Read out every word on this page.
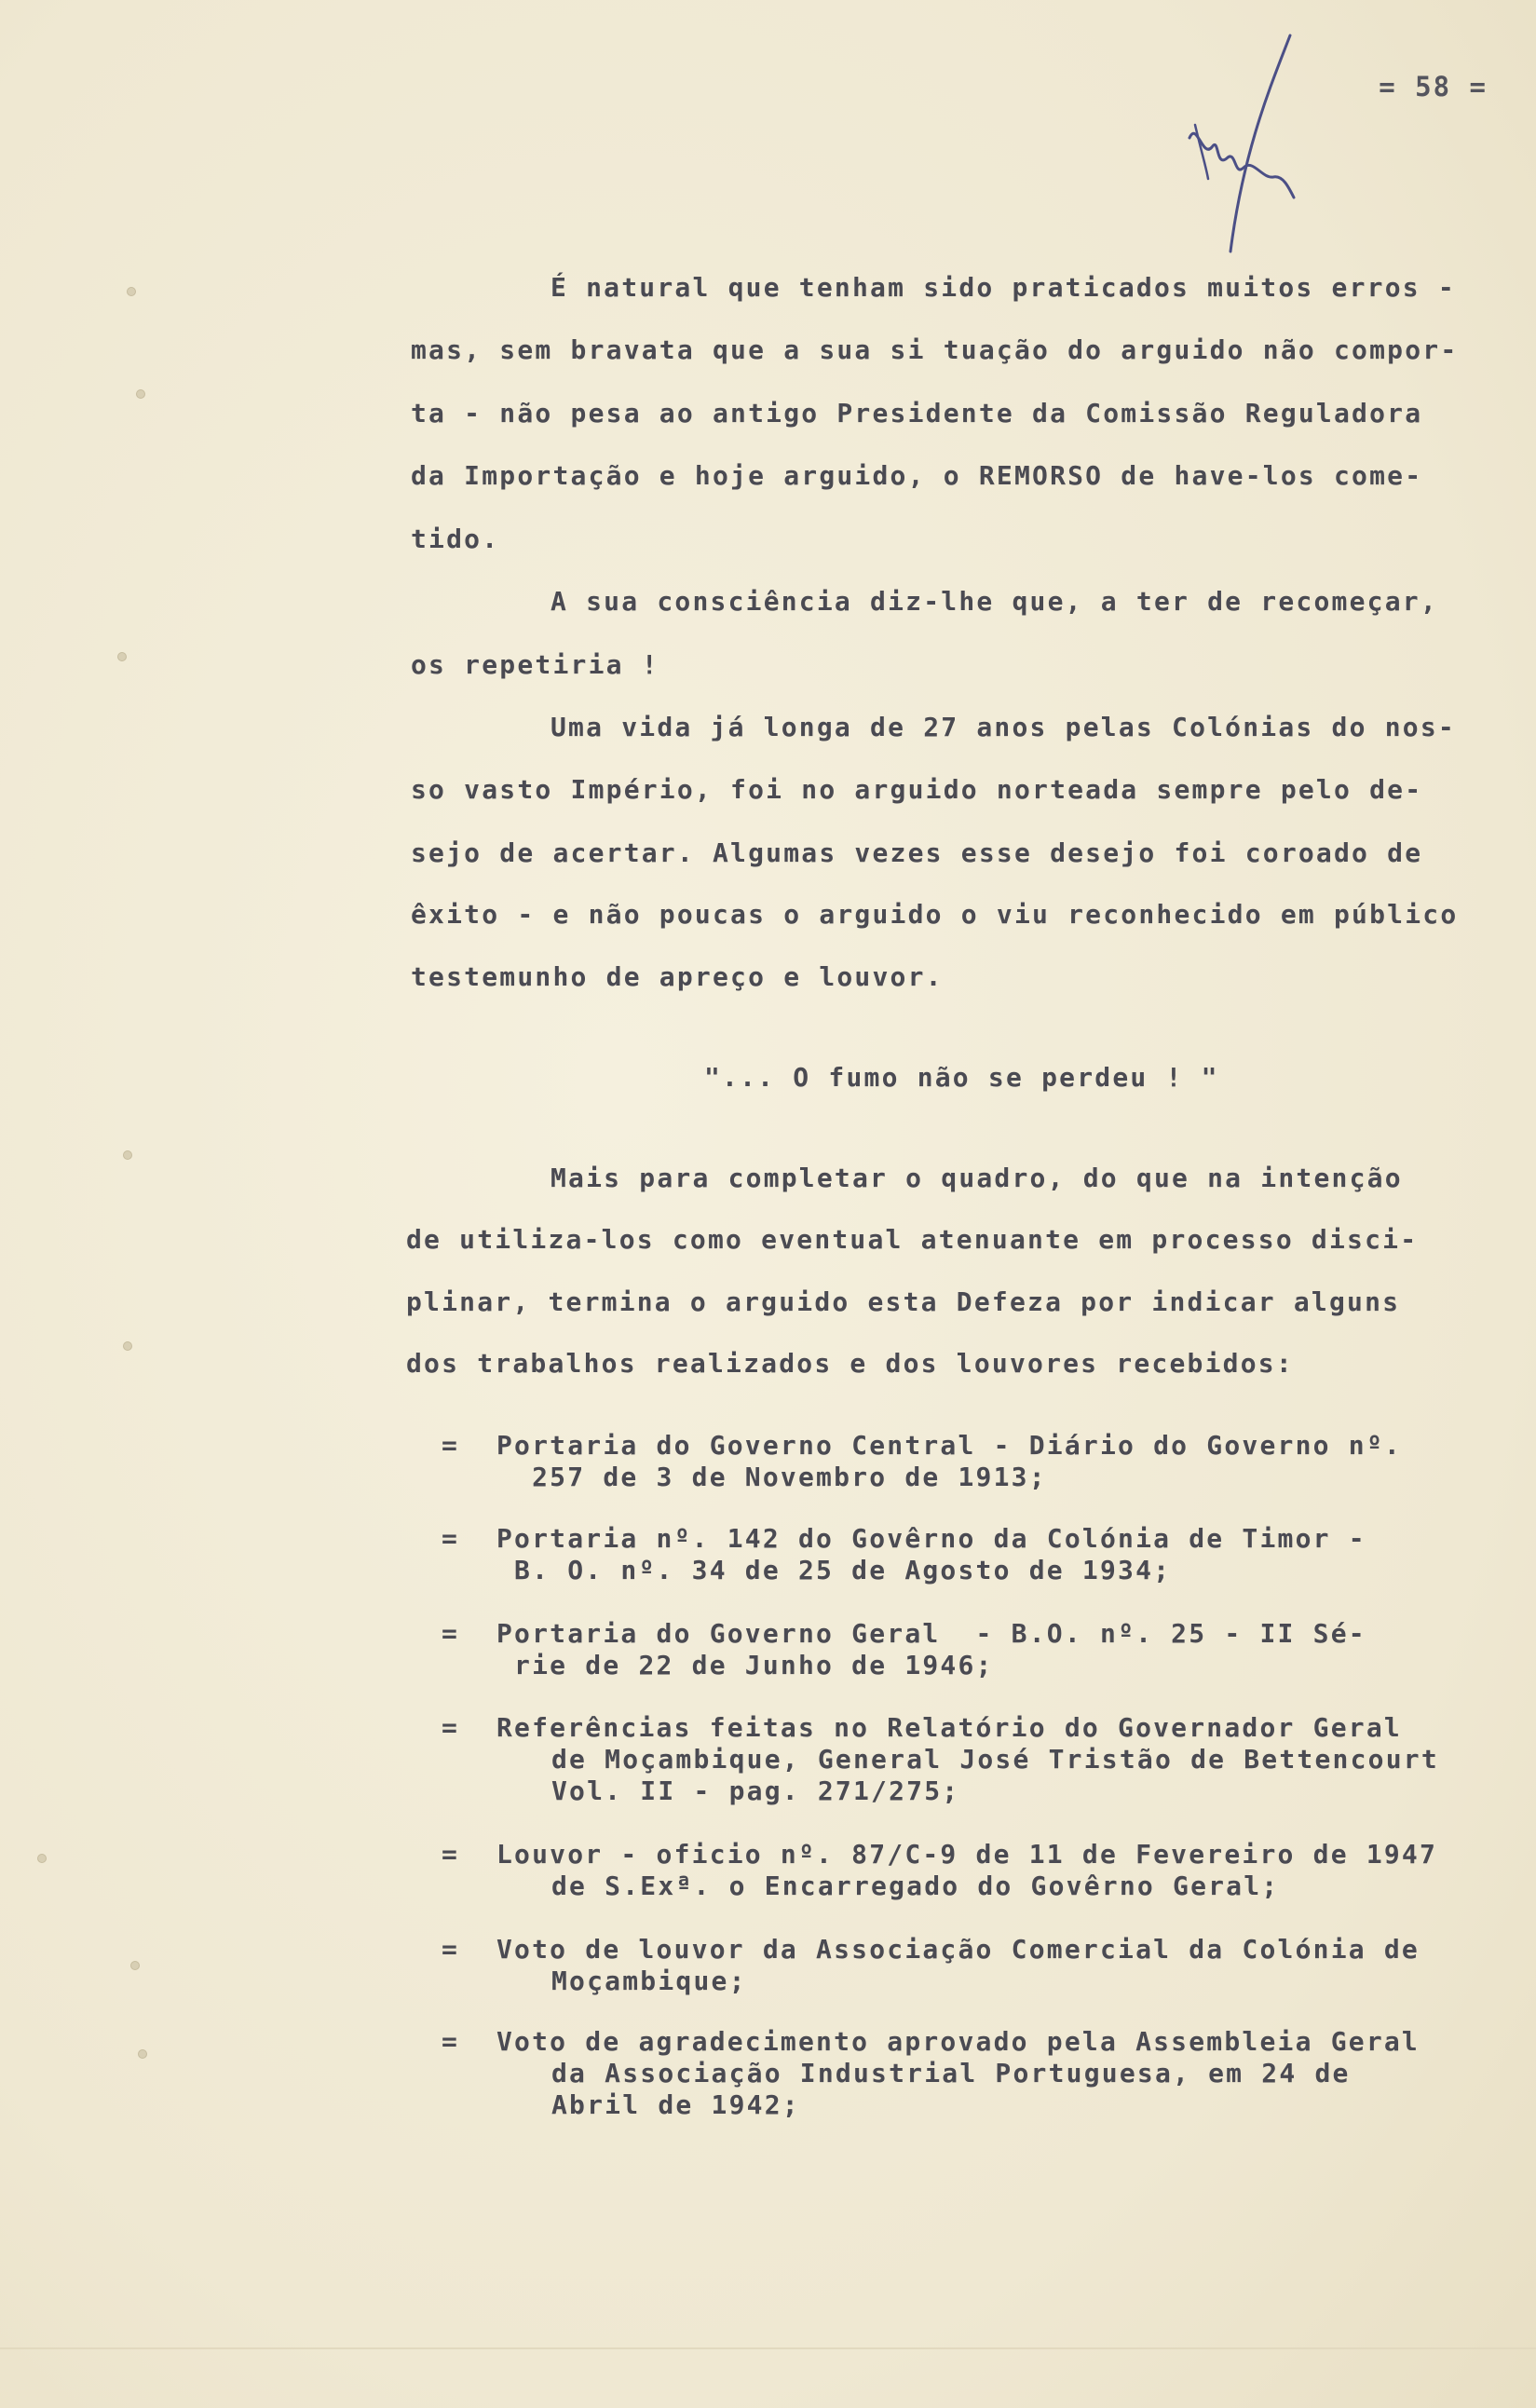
= 58 =
É natural que tenham sido praticados muitos erros -
mas, sem bravata que a sua si tuação do arguido não compor-
ta - não pesa ao antigo Presidente da Comissão Reguladora
da Importação e hoje arguido, o REMORSO de have-los come-
tido.
A sua consciência diz-lhe que, a ter de recomeçar,
os repetiria !
Uma vida já longa de 27 anos pelas Colónias do nos-
so vasto Império, foi no arguido norteada sempre pelo de-
sejo de acertar. Algumas vezes esse desejo foi coroado de
êxito - e não poucas o arguido o viu reconhecido em público
testemunho de apreço e louvor.
"... O fumo não se perdeu ! "
Mais para completar o quadro, do que na intenção
de utiliza-los como eventual atenuante em processo disci-
plinar, termina o arguido esta Defeza por indicar alguns
dos trabalhos realizados e dos louvores recebidos:
= Portaria do Governo Central - Diário do Governo nº.
257 de 3 de Novembro de 1913;
= Portaria nº. 142 do Govêrno da Colónia de Timor -
B. O. nº. 34 de 25 de Agosto de 1934;
= Portaria do Governo Geral  - B.O. nº. 25 - II Sé-
rie de 22 de Junho de 1946;
= Referências feitas no Relatório do Governador Geral
de Moçambique, General José Tristão de Bettencourt
Vol. II - pag. 271/275;
= Louvor - oficio nº. 87/C-9 de 11 de Fevereiro de 1947
de S.Exª. o Encarregado do Govêrno Geral;
= Voto de louvor da Associação Comercial da Colónia de
Moçambique;
= Voto de agradecimento aprovado pela Assembleia Geral
da Associação Industrial Portuguesa, em 24 de
Abril de 1942;
